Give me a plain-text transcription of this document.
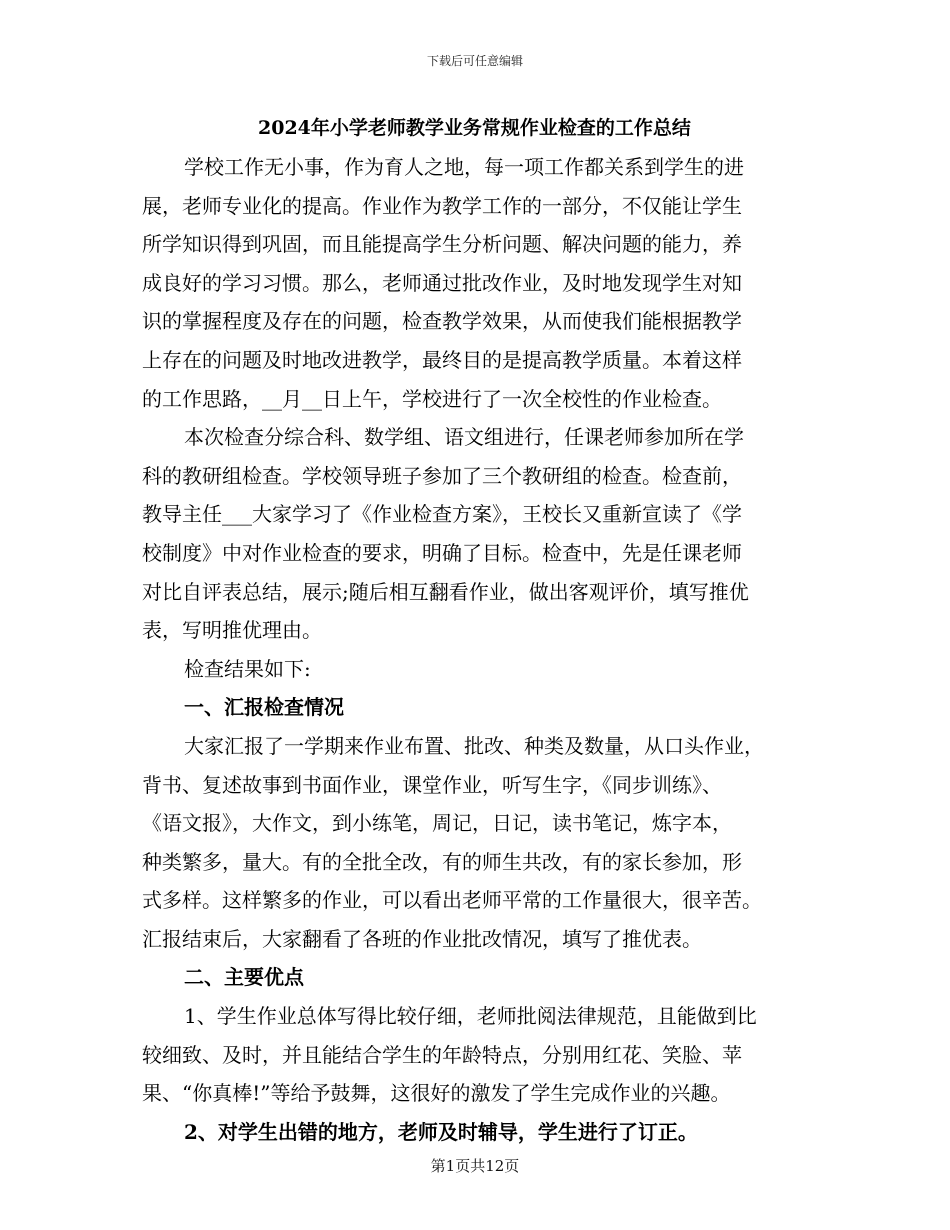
下载后可任意编辑
2024年小学老师教学业务常规作业检查的工作总结
学校工作无小事，作为育人之地，每一项工作都关系到学生的进
展，老师专业化的提高。作业作为教学工作的一部分，不仅能让学生
所学知识得到巩固，而且能提高学生分析问题、解决问题的能力，养
成良好的学习习惯。那么，老师通过批改作业，及时地发现学生对知
识的掌握程度及存在的问题，检查教学效果，从而使我们能根据教学
上存在的问题及时地改进教学，最终目的是提高教学质量。本着这样
的工作思路，__月__日上午，学校进行了一次全校性的作业检查。
本次检查分综合科、数学组、语文组进行，任课老师参加所在学
科的教研组检查。学校领导班子参加了三个教研组的检查。检查前，
教导主任___大家学习了《作业检查方案》，王校长又重新宣读了《学
校制度》中对作业检查的要求，明确了目标。检查中，先是任课老师
对比自评表总结，展示;随后相互翻看作业，做出客观评价，填写推优
表，写明推优理由。
检查结果如下:
一、汇报检查情况
大家汇报了一学期来作业布置、批改、种类及数量，从口头作业，
背书、复述故事到书面作业，课堂作业，听写生字，《同步训练》、
《语文报》，大作文，到小练笔，周记，日记，读书笔记，炼字本，
种类繁多，量大。有的全批全改，有的师生共改，有的家长参加，形
式多样。这样繁多的作业，可以看出老师平常的工作量很大，很辛苦。
汇报结束后，大家翻看了各班的作业批改情况，填写了推优表。
二、主要优点
1、学生作业总体写得比较仔细，老师批阅法律规范，且能做到比
较细致、及时，并且能结合学生的年龄特点，分别用红花、笑脸、苹
果、“你真棒!”等给予鼓舞，这很好的激发了学生完成作业的兴趣。
2、对学生出错的地方，老师及时辅导，学生进行了订正。
第1页共12页
